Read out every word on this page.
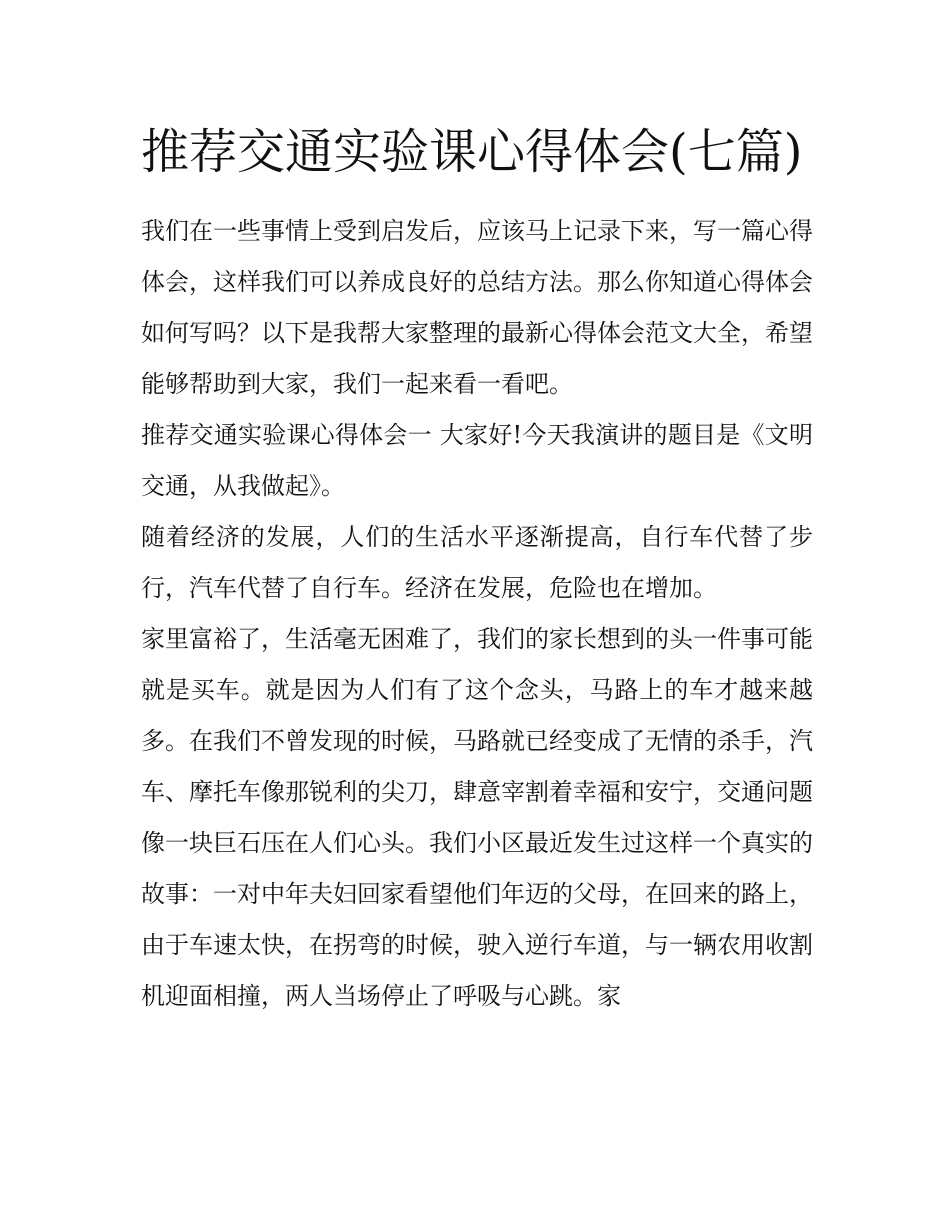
推荐交通实验课心得体会(七篇)

我们在一些事情上受到启发后，应该马上记录下来，写一篇心得体会，这样我们可以养成良好的总结方法。那么你知道心得体会如何写吗？以下是我帮大家整理的最新心得体会范文大全，希望能够帮助到大家，我们一起来看一看吧。

推荐交通实验课心得体会一 大家好!今天我演讲的题目是《文明交通，从我做起》。

随着经济的发展，人们的生活水平逐渐提高，自行车代替了步行，汽车代替了自行车。经济在发展，危险也在增加。

家里富裕了，生活毫无困难了，我们的家长想到的头一件事可能就是买车。就是因为人们有了这个念头，马路上的车才越来越多。在我们不曾发现的时候，马路就已经变成了无情的杀手，汽车、摩托车像那锐利的尖刀，肆意宰割着幸福和安宁，交通问题像一块巨石压在人们心头。我们小区最近发生过这样一个真实的故事：一对中年夫妇回家看望他们年迈的父母，在回来的路上，由于车速太快，在拐弯的时候，驶入逆行车道，与一辆农用收割机迎面相撞，两人当场停止了呼吸与心跳。家
